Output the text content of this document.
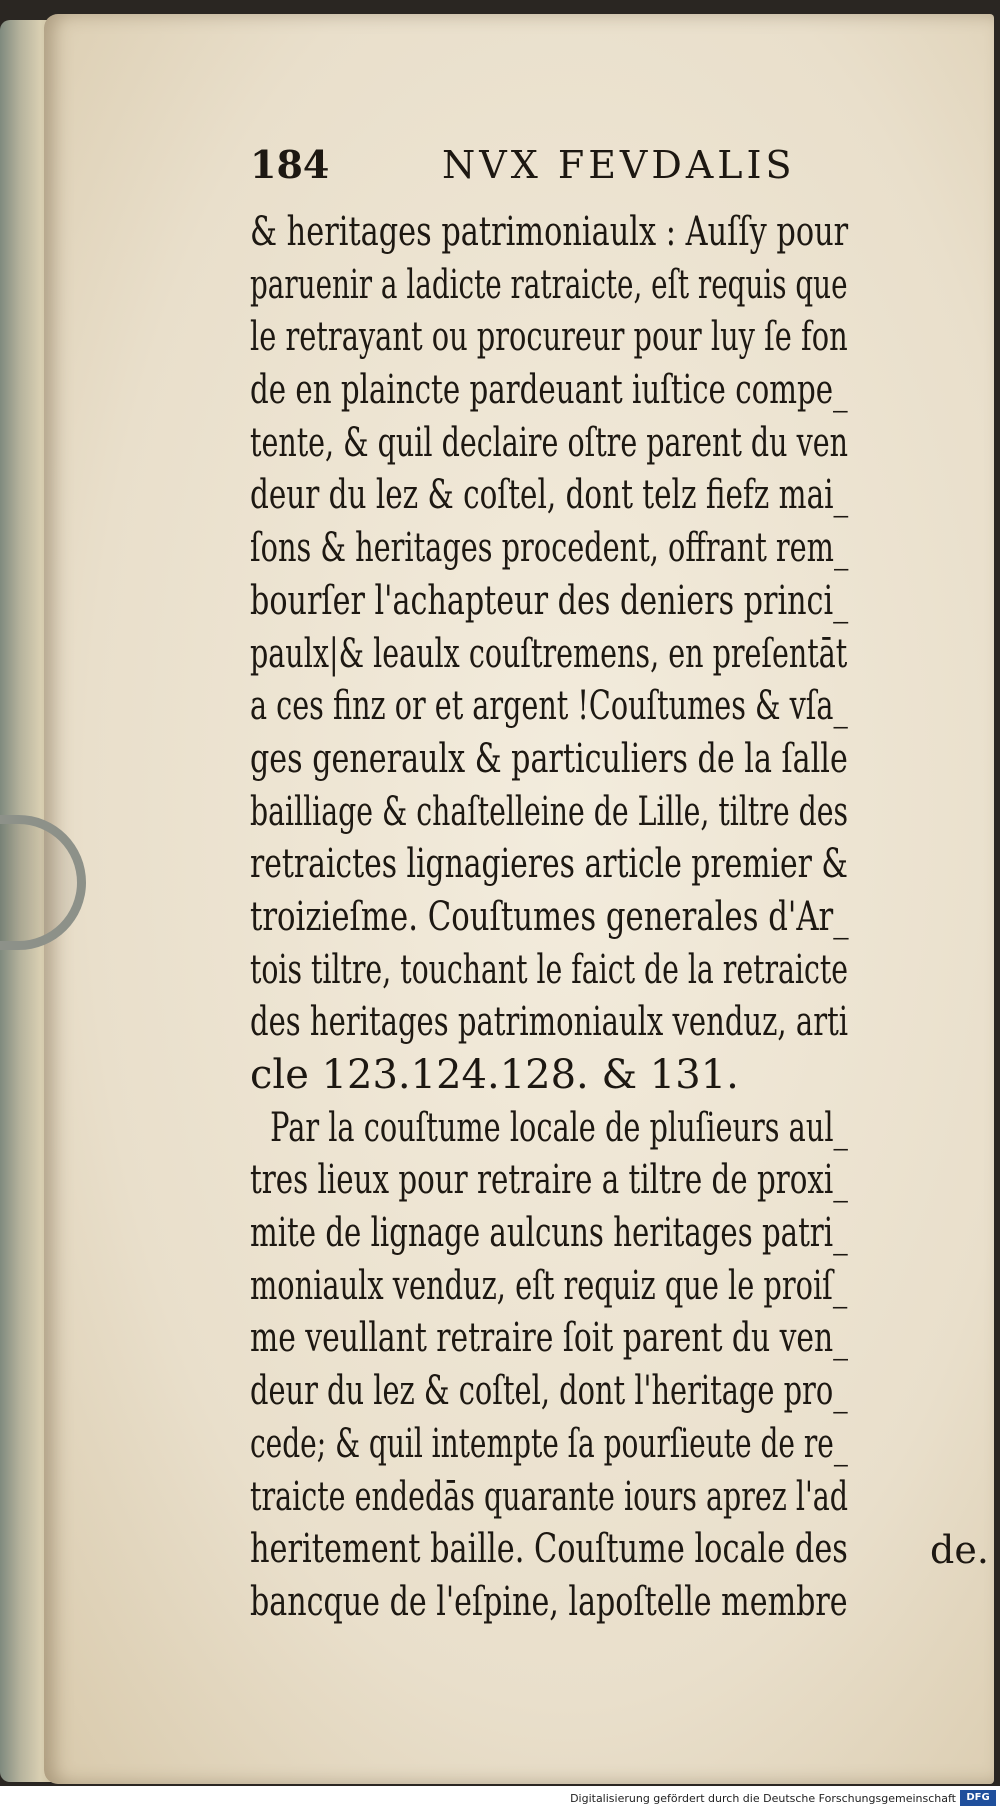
184	NVX FEVDALIS
& heritages patrimoniaulx : Auſſy pour
paruenir a ladicte ratraicte, eſt requis que
le retrayant ou procureur pour luy ſe fon
de en plaincte pardeuant iuſtice compe_
tente, & quil declaire oſtre parent du ven
deur du lez & coſtel, dont telz fiefz mai_
ſons & heritages procedent, offrant rem_
bourſer l'achapteur des deniers princi_
paulx|& leaulx couſtremens, en preſentāt
a ces finz or et argent !Couſtumes & vſa_
ges generaulx & particuliers de la ſalle
bailliage & chaſtelleine de Lille, tiltre des
retraictes lignagieres article premier &
troizieſme. Couſtumes generales d'Ar_
tois tiltre, touchant le faict de la retraicte
des heritages patrimoniaulx venduz, arti
cle 123.124.128. & 131.
Par la couſtume locale de pluſieurs aul_
tres lieux pour retraire a tiltre de proxi_
mite de lignage aulcuns heritages patri_
moniaulx venduz, eſt requiz que le proiſ_
me veullant retraire ſoit parent du ven_
deur du lez & coſtel, dont l'heritage pro_
cede; & quil intempte ſa pourſieute de re_
traicte endedās quarante iours aprez l'ad
heritement baille. Couſtume locale des
bancque de l'eſpine, lapoſtelle membre
de.
Digitalisierung gefördert durch die Deutsche Forschungsgemeinschaft	DFG
